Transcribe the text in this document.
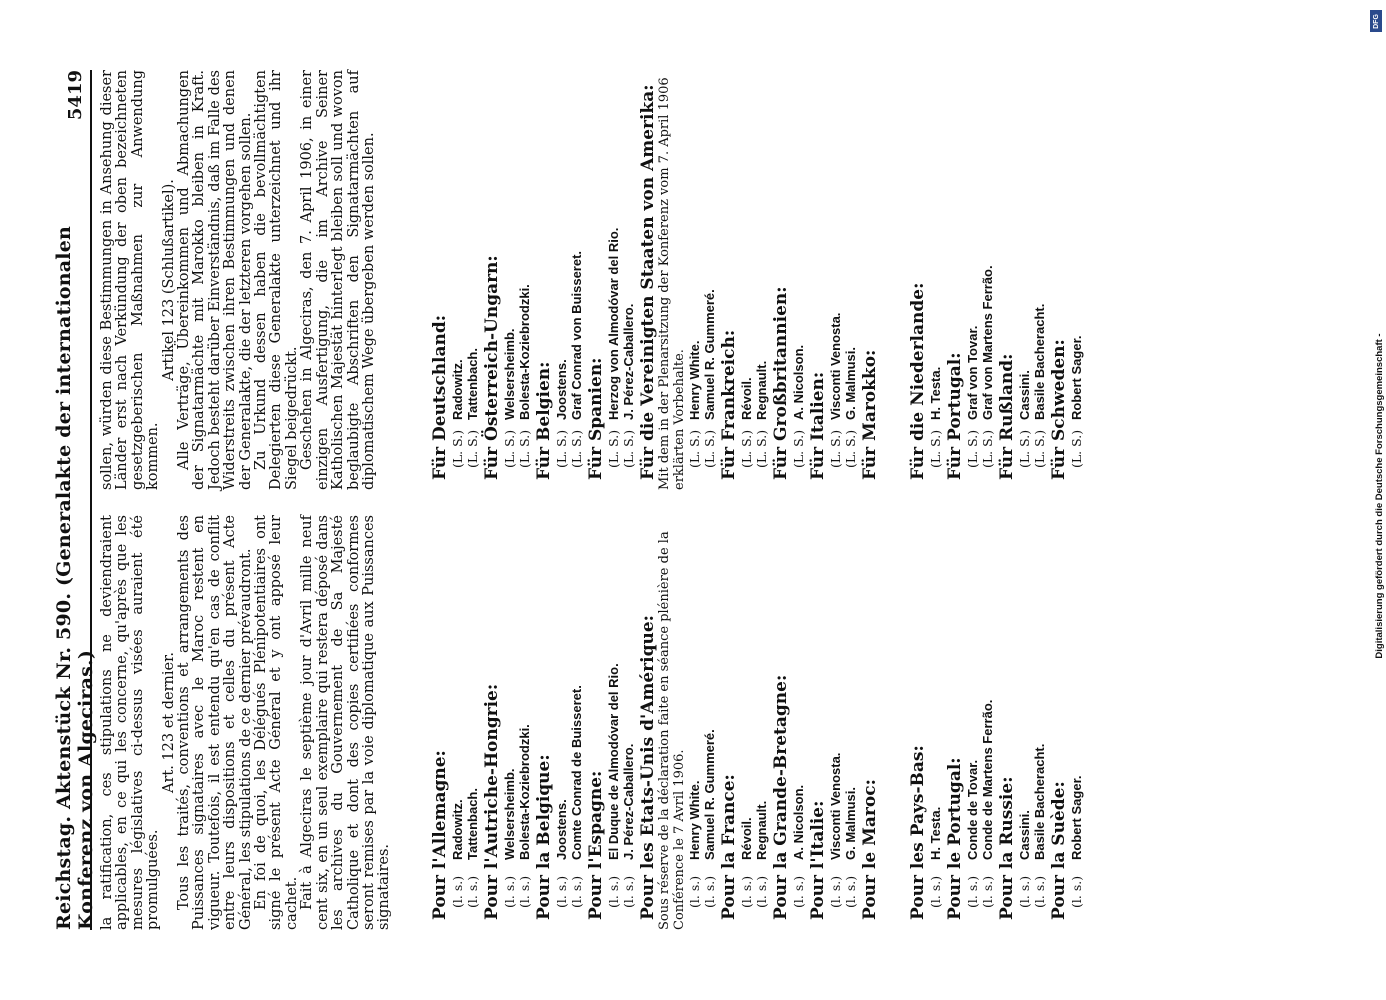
Reichstag. Aktenstück Nr. 590. (Generalakte der internationalen Konferenz von Algeciras.)
5419

la ratification, ces stipulations ne deviendraient applicables, en ce qui les concerne, qu'après que les mesures législatives ci-dessus visées auraient été promulguées.

Art. 123 et dernier. Tous les traités, conventions et arrangements des Puissances signataires avec le Maroc restent en vigueur. Toutefois, il est entendu qu'en cas de conflit entre leurs dispositions et celles du présent Acte Général, les stipulations de ce dernier prévaudront. En foi de quoi, les Délégués Plénipotentiaires ont signé le présent Acte Général et y ont apposé leur cachet. Fait à Algeciras le septième jour d'Avril mille neuf cent six, en un seul exemplaire qui restera déposé dans les archives du Gouvernement de Sa Majesté Catholique et dont des copies certifiées conformes seront remises par la voie diplomatique aux Puissances signataires.

sollen, würden diese Bestimmungen in Ansehung dieser Länder erst nach Verkündung der oben bezeichneten gesetzgeberischen Maßnahmen zur Anwendung kommen.

Artikel 123 (Schlußartikel). Alle Verträge, Übereinkommen und Abmachungen der Signatarmächte mit Marokko bleiben in Kraft. Jedoch besteht darüber Einverständnis, daß im Falle des Widerstreits zwischen ihren Bestimmungen und denen der Generalakte, die der letzteren vorgehen sollen. Zu Urkund dessen haben die bevollmächtigten Delegierten diese Generalakte unterzeichnet und ihr Siegel beigedrückt. Geschehen in Algeciras, den 7. April 1906, in einer einzigen Ausfertigung, die im Archive Seiner Katholischen Majestät hinterlegt bleiben soll und wovon beglaubigte Abschriften den Signatarmächten auf diplomatischem Wege übergeben werden sollen.

Pour l'Allemagne: (l. s.)
Radowitz.
(l. s.)
Tattenbach. Pour l'Autriche-Hongrie: (l. s.)
Welsersheimb.
(l. s.)
Bolesta-Koziebrodzki. Pour la Belgique: (l. s.)
Joostens.
(l. s.)
Comte Conrad de Buisseret. Pour l'Espagne: (l. s.)
El Duque de Almodóvar del Rio.
(l. s.)
J. Pérez-Caballero. Pour les Etats-Unis d'Amérique: Sous réserve de la déclaration faite en séance plénière de la Conférence le 7 Avril 1906. (l. s.)
Henry White.
(l. s.)
Samuel R. Gummeré. Pour la France: (l. s.)
Révoil.
(l. s.)
Regnault. Pour la Grande-Bretagne: (l. s.)
A. Nicolson. Pour l'Italie: (l. s.)
Visconti Venosta.
(l. s.)
G. Malmusi. Pour le Maroc: Pour les Pays-Bas: (l. s.)
H. Testa. Pour le Portugal: (l. s.)
Conde de Tovar.
(l. s.)
Conde de Martens Ferrão. Pour la Russie: (l. s.)
Cassini.
(l. s.)
Basile Bacheracht. Pour la Suède: (l. s.)
Robert Sager.
Für Deutschland: (L. S.)
Radowitz.
(L. S.)
Tattenbach. Für Österreich-Ungarn: (L. S.)
Welsersheimb.
(L. S.)
Bolesta-Koziebrodzki.
Für Belgien: (L. S.)
Joostens.
(L. S.)
Graf Conrad von Buisseret. Für Spanien: (L. S.)
Herzog von Almodóvar del Rio.
(L. S.)
J. Pérez-Caballero. Für die Vereinigten Staaten von Amerika: Mit dem in der Plenarsitzung der Konferenz vom 7. April 1906 erklärten Vorbehalte. (L. S.)
Henry White.
(L. S.)
Samuel R. Gummeré. Für Frankreich: (L. S.)
Révoil.
(L. S.)
Regnault. Für Großbritannien: (L. S.)
A. Nicolson. Für Italien: (L. S.)
Visconti Venosta.
(L. S.)
G. Malmusi. Für Marokko: Für die Niederlande: (L. S.)
H. Testa. Für Portugal: (L. S.)
Graf von Tovar.
(L. S.)
Graf von Martens Ferrão. Für Rußland: (L. S.)
Cassini.
(L. S.)
Basile Bacheracht. Für Schweden: (L. S.)
Robert Sager.
DFG
Digitalisierung gefördert durch die Deutsche Forschungsgemeinschaft -
